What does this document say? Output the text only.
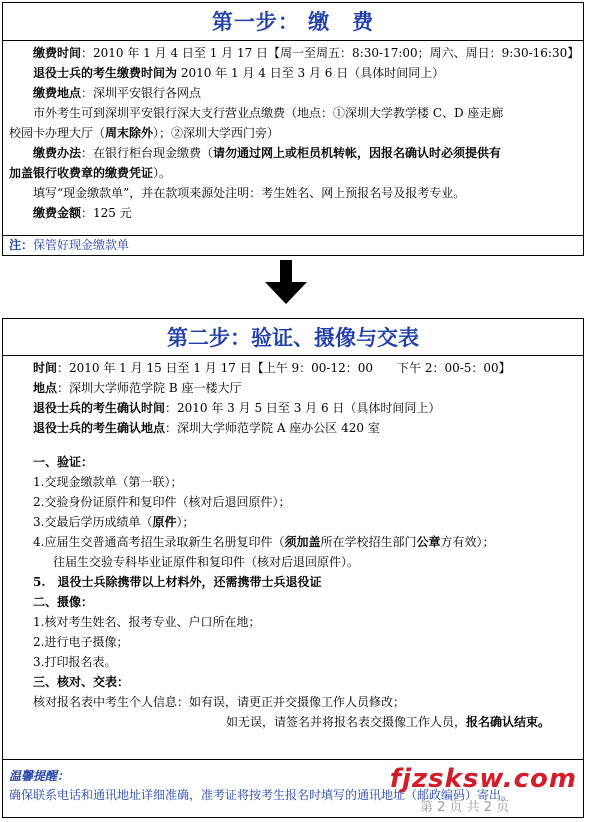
第一步： 缴　费
缴费时间：2010 年 1 月 4 日至 1 月 17 日【周一至周五：8:30-17:00；周六、周日：9:30-16:30】
退役士兵的考生缴费时间为 2010 年 1 月 4 日至 3 月 6 日（具体时间同上）
缴费地点：深圳平安银行各网点
市外考生可到深圳平安银行深大支行营业点缴费（地点：①深圳大学教学楼 C、D 座走廊
校园卡办理大厅（周末除外）；②深圳大学西门旁）
缴费办法：在银行柜台现金缴费（请勿通过网上或柜员机转帐，因报名确认时必须提供有
加盖银行收费章的缴费凭证）。
填写“现金缴款单”，并在款项来源处注明：考生姓名、网上预报名号及报考专业。
缴费金额：125 元
注：保管好现金缴款单
第二步：验证、摄像与交表
时间：2010 年 1 月 15 日至 1 月 17 日【上午 9：00-12：00　　下午 2：00-5：00】
地点：深圳大学师范学院 B 座一楼大厅
退役士兵的考生确认时间：2010 年 3 月 5 日至 3 月 6 日（具体时间同上）
退役士兵的考生确认地点：深圳大学师范学院 A 座办公区 420 室
一、验证：
1.交现金缴款单（第一联）；
2.交验身份证原件和复印件（核对后退回原件）；
3.交最后学历成绩单（原件）；
4.应届生交普通高考招生录取新生名册复印件（须加盖所在学校招生部门公章方有效）；
往届生交验专科毕业证原件和复印件（核对后退回原件）。
5.　退役士兵除携带以上材料外，还需携带士兵退役证
二、摄像：
1.核对考生姓名、报考专业、户口所在地；
2.进行电子摄像；
3.打印报名表。
三、核对、交表：
核对报名表中考生个人信息：如有误，请更正并交摄像工作人员修改；
如无误，请签名并将报名表交摄像工作人员，报名确认结束。
温馨提醒：
确保联系电话和通讯地址详细准确，准考证将按考生报名时填写的通讯地址（邮政编码）寄出。
fjzsksw.com
第 2 页 共 2 页
